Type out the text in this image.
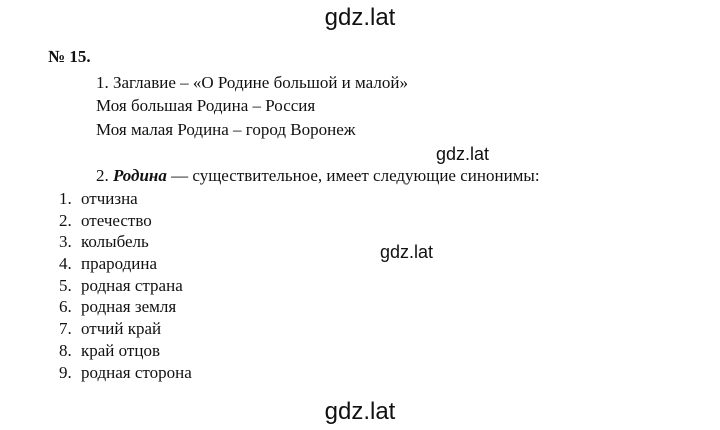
gdz.lat
gdz.lat
gdz.lat
gdz.lat
№ 15.
1. Заглавие – «О Родине большой и малой»
Моя большая Родина – Россия
Моя малая Родина – город Воронеж
2. Родина — существительное, имеет следующие синонимы:
1. отчизна
2. отечество
3. колыбель
4. прародина
5. родная страна
6. родная земля
7. отчий край
8. край отцов
9. родная сторона
